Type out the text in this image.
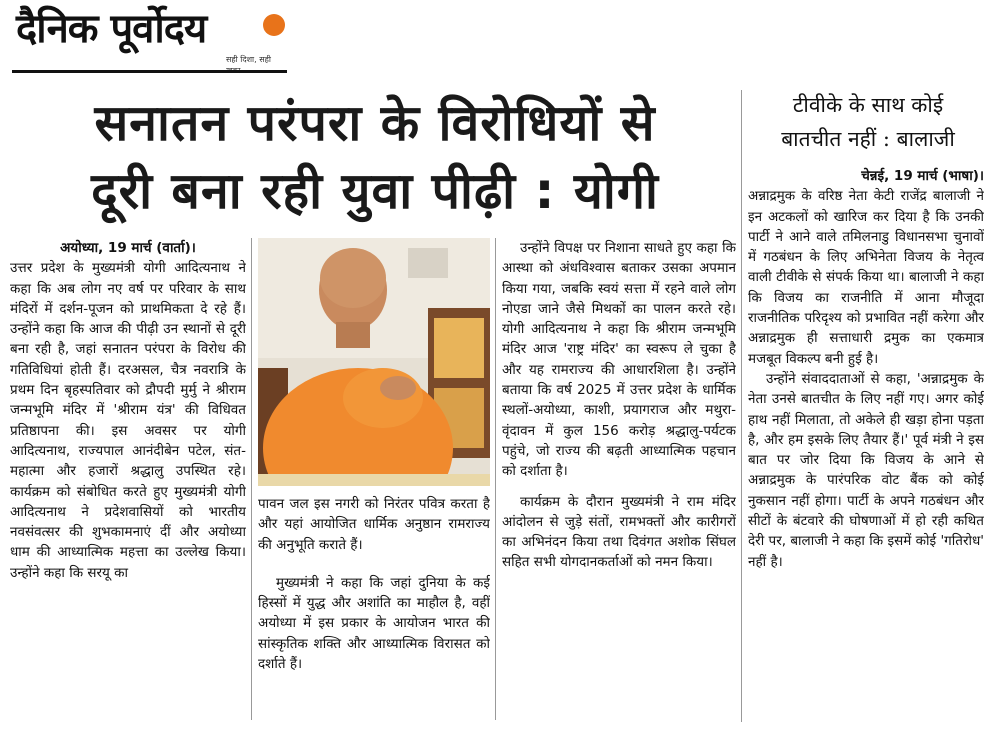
दैनिक पूर्वोदय
सही दिशा, सही
सनातन परंपरा के विरोधियों से
दूरी बना रही युवा पीढ़ी : योगी
टीवीके के साथ कोई
बातचीत नहीं : बालाजी
अयोध्या, 19 मार्च (वार्ता)।
उत्तर प्रदेश के मुख्यमंत्री योगी आदित्यनाथ ने कहा कि अब लोग नए वर्ष पर परिवार के साथ मंदिरों में दर्शन-पूजन को प्राथमिकता दे रहे हैं। उन्होंने कहा कि आज की पीढ़ी उन स्थानों से दूरी बना रही है, जहां सनातन परंपरा के विरोध की गतिविधियां होती हैं। दरअसल, चैत्र नवरात्रि के प्रथम दिन बृहस्पतिवार को द्रौपदी मुर्मु ने श्रीराम जन्मभूमि मंदिर में 'श्रीराम यंत्र' की विधिवत प्रतिष्ठापना की। इस अवसर पर योगी आदित्यनाथ, राज्यपाल आनंदीबेन पटेल, संत-महात्मा और हजारों श्रद्धालु उपस्थित रहे। कार्यक्रम को संबोधित करते हुए मुख्यमंत्री योगी आदित्यनाथ ने प्रदेशवासियों को भारतीय नवसंवत्सर की शुभकामनाएं दीं और अयोध्या धाम की आध्यात्मिक महत्ता का उल्लेख किया। उन्होंने कहा कि सरयू का
पावन जल इस नगरी को निरंतर पवित्र करता है और यहां आयोजित धार्मिक अनुष्ठान रामराज्य की अनुभूति कराते हैं।
मुख्यमंत्री ने कहा कि जहां दुनिया के कई हिस्सों में युद्ध और अशांति का माहौल है, वहीं अयोध्या में इस प्रकार के आयोजन भारत की सांस्कृतिक शक्ति और आध्यात्मिक विरासत को दर्शाते हैं।
उन्होंने विपक्ष पर निशाना साधते हुए कहा कि आस्था को अंधविश्वास बताकर उसका अपमान किया गया, जबकि स्वयं सत्ता में रहने वाले लोग नोएडा जाने जैसे मिथकों का पालन करते रहे। योगी आदित्यनाथ ने कहा कि श्रीराम जन्मभूमि मंदिर आज 'राष्ट्र मंदिर' का स्वरूप ले चुका है और यह रामराज्य की आधारशिला है। उन्होंने बताया कि वर्ष 2025 में उत्तर प्रदेश के धार्मिक स्थलों-अयोध्या, काशी, प्रयागराज और मथुरा-वृंदावन में कुल 156 करोड़ श्रद्धालु-पर्यटक पहुंचे, जो राज्य की बढ़ती आध्यात्मिक पहचान को दर्शाता है।
कार्यक्रम के दौरान मुख्यमंत्री ने राम मंदिर आंदोलन से जुड़े संतों, रामभक्तों और कारीगरों का अभिनंदन किया तथा दिवंगत अशोक सिंघल सहित सभी योगदानकर्ताओं को नमन किया।
चेन्नई, 19 मार्च (भाषा)।
अन्नाद्रमुक के वरिष्ठ नेता केटी राजेंद्र बालाजी ने इन अटकलों को खारिज कर दिया है कि उनकी पार्टी ने आने वाले तमिलनाडु विधानसभा चुनावों में गठबंधन के लिए अभिनेता विजय के नेतृत्व वाली टीवीके से संपर्क किया था। बालाजी ने कहा कि विजय का राजनीति में आना मौजूदा राजनीतिक परिदृश्य को प्रभावित नहीं करेगा और अन्नाद्रमुक ही सत्ताधारी द्रमुक का एकमात्र मजबूत विकल्प बनी हुई है।
उन्होंने संवाददाताओं से कहा, 'अन्नाद्रमुक के नेता उनसे बातचीत के लिए नहीं गए। अगर कोई हाथ नहीं मिलाता, तो अकेले ही खड़ा होना पड़ता है, और हम इसके लिए तैयार हैं।' पूर्व मंत्री ने इस बात पर जोर दिया कि विजय के आने से अन्नाद्रमुक के पारंपरिक वोट बैंक को कोई नुकसान नहीं होगा। पार्टी के अपने गठबंधन और सीटों के बंटवारे की घोषणाओं में हो रही कथित देरी पर, बालाजी ने कहा कि इसमें कोई 'गतिरोध' नहीं है।
